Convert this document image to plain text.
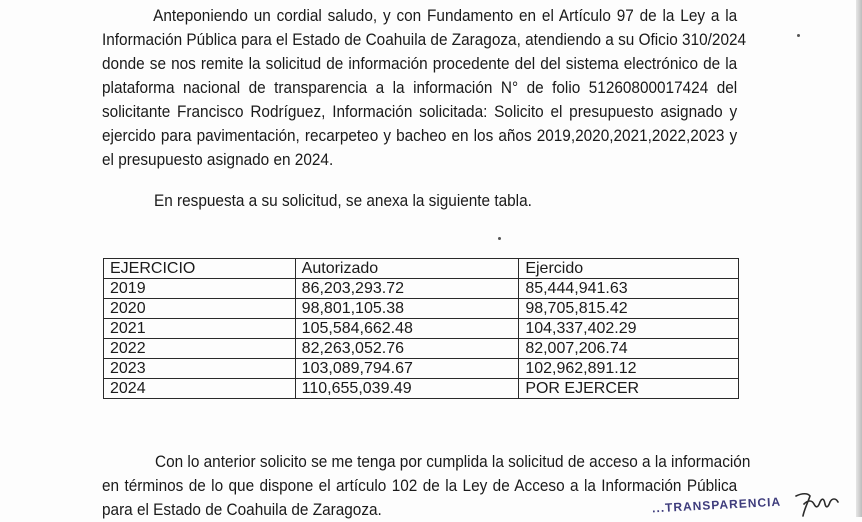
Anteponiendo un cordial saludo, y con Fundamento en el Artículo 97 de la Ley a la
Información Pública para el Estado de Coahuila de Zaragoza, atendiendo a su Oficio 310/2024
donde se nos remite la solicitud de información procedente del del sistema electrónico de la
plataforma nacional de transparencia a la información N° de folio 51260800017424 del
solicitante Francisco Rodríguez, Información solicitada: Solicito el presupuesto asignado y
ejercido para pavimentación, recarpeteo y bacheo en los años 2019,2020,2021,2022,2023 y
el presupuesto asignado en 2024.
En respuesta a su solicitud, se anexa la siguiente tabla.
EJERCICIO	Autorizado	Ejercido
2019	86,203,293.72	85,444,941.63
2020	98,801,105.38	98,705,815.42
2021	105,584,662.48	104,337,402.29
2022	82,263,052.76	82,007,206.74
2023	103,089,794.67	102,962,891.12
2024	110,655,039.49	POR EJERCER
Con lo anterior solicito se me tenga por cumplida la solicitud de acceso a la información
en términos de lo que dispone el artículo 102 de la Ley de Acceso a la Información Pública
para el Estado de Coahuila de Zaragoza.	...TRANSPARENCIA
